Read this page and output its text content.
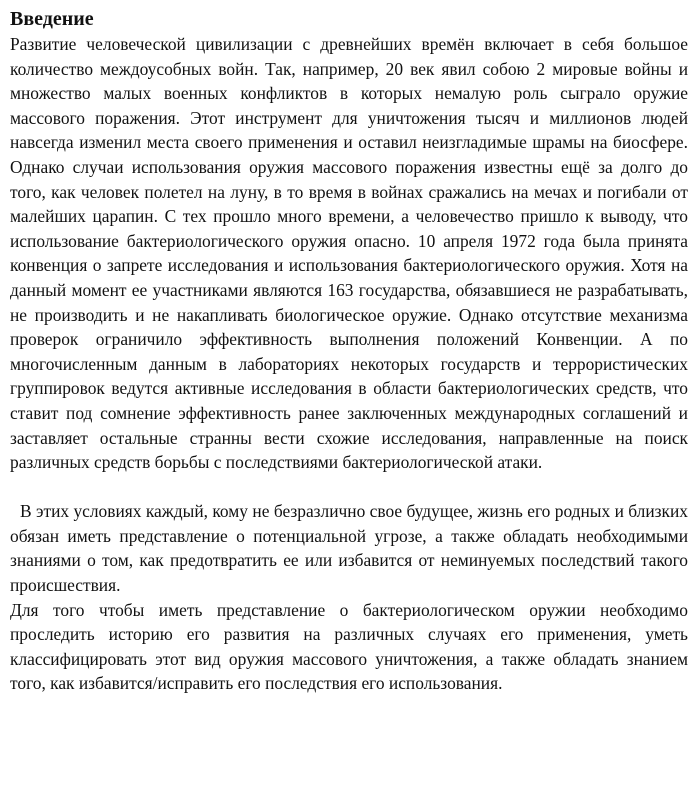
Введение

Развитие человеческой цивилизации с древнейших времён включает в себя большое количество междоусобных войн. Так, например, 20 век явил собою 2 мировые войны и множество малых военных конфликтов в которых немалую роль сыграло оружие массового поражения. Этот инструмент для уничтожения тысяч и миллионов людей навсегда изменил места своего применения и оставил неизгладимые шрамы на биосфере. Однако случаи использования оружия массового поражения известны ещё за долго до того, как человек полетел на луну, в то время в войнах сражались на мечах и погибали от малейших царапин. С тех прошло много времени, а человечество пришло к выводу, что использование бактериологического оружия опасно. 10 апреля 1972 года была принята конвенция о запрете исследования и использования бактериологического оружия. Хотя на данный момент ее участниками являются 163 государства, обязавшиеся не разрабатывать, не производить и не накапливать биологическое оружие. Однако отсутствие механизма проверок ограничило эффективность выполнения положений Конвенции. А по многочисленным данным в лабораториях некоторых государств и террористических группировок ведутся активные исследования в области бактериологических средств, что ставит под сомнение эффективность ранее заключенных международных соглашений и заставляет остальные странны вести схожие исследования, направленные на поиск различных средств борьбы с последствиями бактериологической атаки.

В этих условиях каждый, кому не безразлично свое будущее, жизнь его родных и близких обязан иметь представление о потенциальной угрозе, а также обладать необходимыми знаниями о том, как предотвратить ее или избавится от неминуемых последствий такого происшествия.

Для того чтобы иметь представление о бактериологическом оружии необходимо проследить историю его развития на различных случаях его применения, уметь классифицировать этот вид оружия массового уничтожения, а также обладать знанием того, как избавится/исправить его последствия его использования.
